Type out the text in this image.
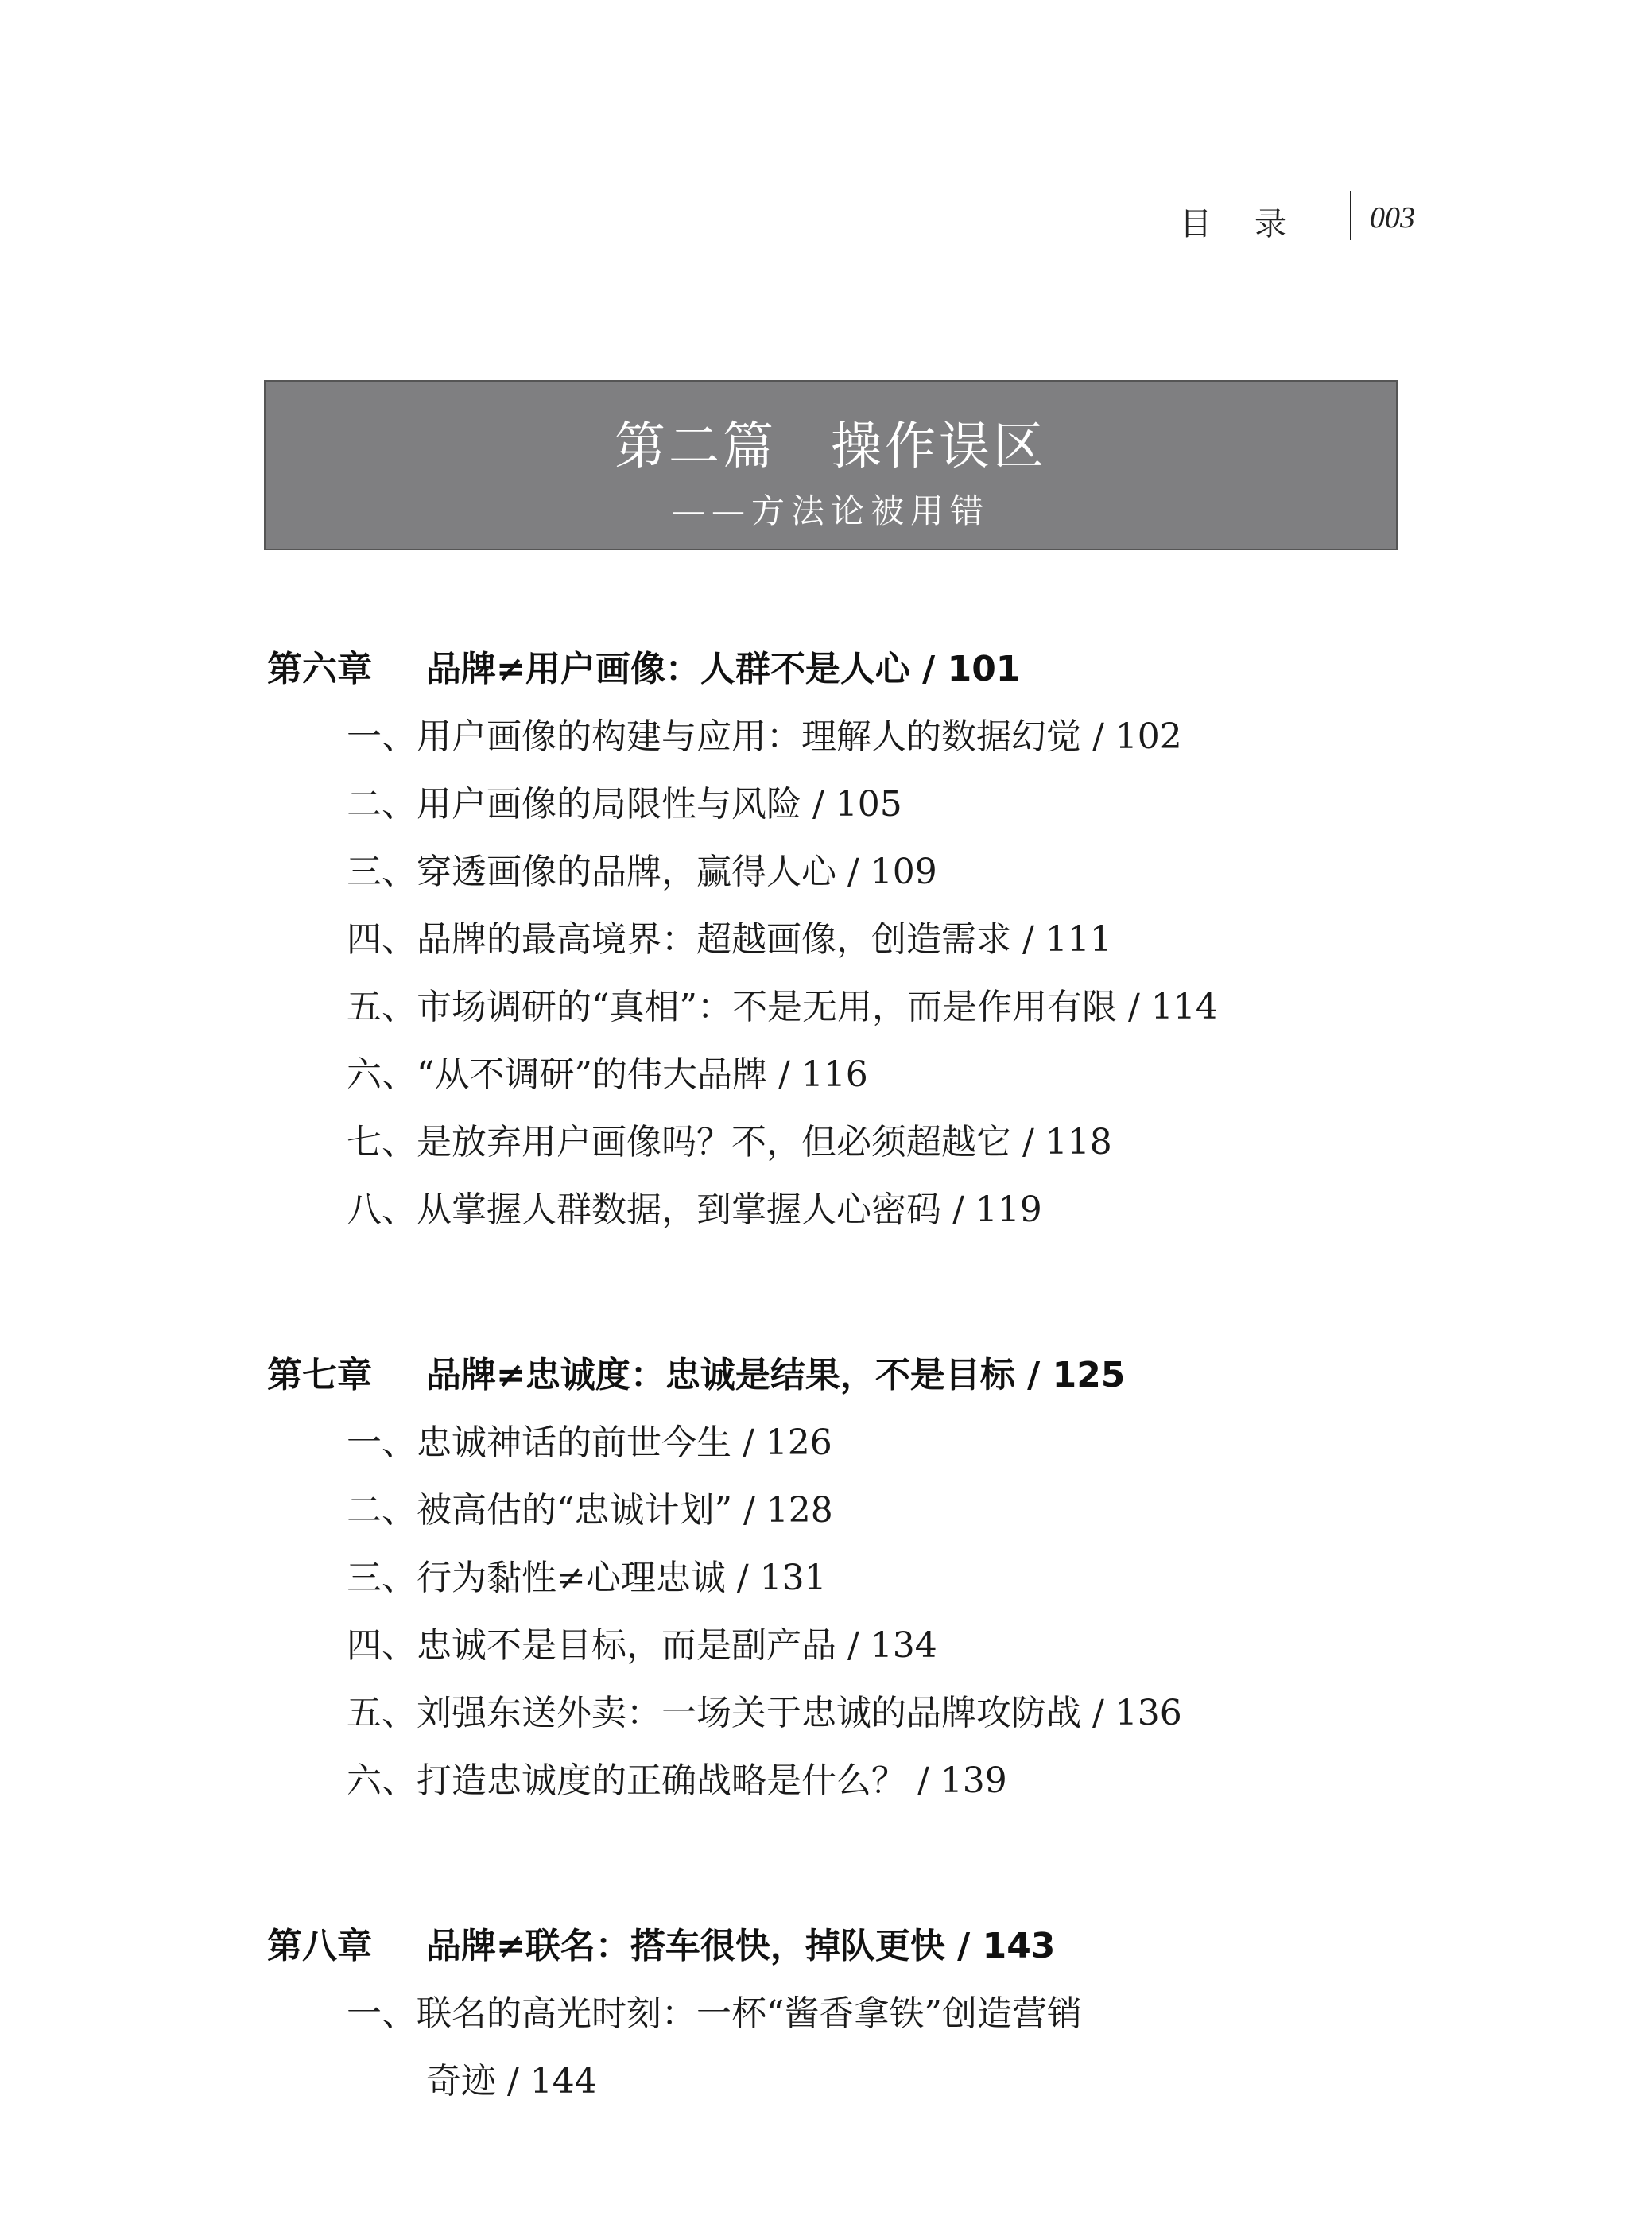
目录 003
第二篇　操作误区
——方法论被用错
第六章 品牌≠用户画像：人群不是人心 / 101
一、用户画像的构建与应用：理解人的数据幻觉 / 102
二、用户画像的局限性与风险 / 105
三、穿透画像的品牌，赢得人心 / 109
四、品牌的最高境界：超越画像，创造需求 / 111
五、市场调研的“真相”：不是无用，而是作用有限 / 114
六、“从不调研”的伟大品牌 / 116
七、是放弃用户画像吗？不，但必须超越它 / 118
八、从掌握人群数据，到掌握人心密码 / 119
第七章 品牌≠忠诚度：忠诚是结果，不是目标 / 125
一、忠诚神话的前世今生 / 126
二、被高估的“忠诚计划” / 128
三、行为黏性≠心理忠诚 / 131
四、忠诚不是目标，而是副产品 / 134
五、刘强东送外卖：一场关于忠诚的品牌攻防战 / 136
六、打造忠诚度的正确战略是什么？ / 139
第八章 品牌≠联名：搭车很快，掉队更快 / 143
一、联名的高光时刻：一杯“酱香拿铁”创造营销
奇迹 / 144
